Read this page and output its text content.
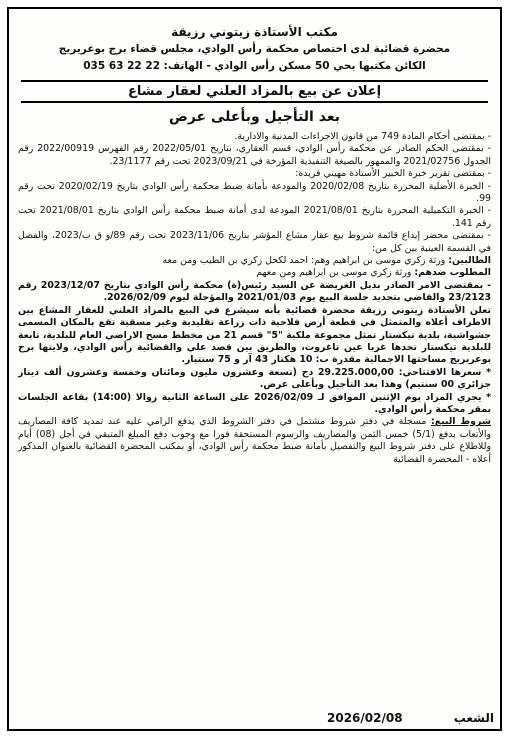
مكتب الأستاذة زيتوني رزيقة
محضرة قضائية لدى اختصاص محكمة رأس الوادي، مجلس قضاء برج بوعريريج
الكائن مكتبها بحي 50 مسكن رأس الوادي - الهاتف: 22 22 63 035
إعلان عن بيع بالمزاد العلني لعقار مشاع
بعد التأجيل وبأعلى عرض

- بمقتضى أحكام المادة 749 من قانون الاجراءات المدنية والادارية.

- بمقتضى الحكم الصادر عن محكمة رأس الوادي، قسم العقاري، بتاريخ 2022/05/01 رقم الفهرس 2022/00919 رقم الجدول 2021/02756 والممهور بالصيغة التنفيذية المؤرخة في 2023/09/21 تحت رقم 23/1177.

- بمقتضى تقرير خبرة الخبير الأستاذة مهيني فريدة:

- الخبرة الأصلية المحررة بتاريخ 2020/02/08 والمودعة بأمانة ضبط محكمة رأس الوادي بتاريخ 2020/02/19 تحت رقم 99.

- الخبرة التكميلية المحررة بتاريخ 2021/08/01 المودعة لدى أمانة ضبط محكمة رأس الوادي بتاريخ 2021/08/01 تحت رقم 141.

- بمقتضى محضر إيداع قائمة شروط بيع عقار مشاع المؤشر بتاريخ 2023/11/06 تحت رقم 89/و ق ب/2023، والفصل في القسمة العينية بين كل من:

الطالبين: ورثة زكري موسى بن ابراهيم وهم: احمد لكحل زكري بن الطيب ومن معه

المطلوب ضدهم: ورثة زكري موسى بن ابراهيم ومن معهم

- بمقتضى الامر الصادر بذيل العريضة عن السيد رئيس(ة) محكمة رأس الوادي بتاريخ 2023/12/07 رقم 23/2123 والقاضي بتحديد جلسة البيع يوم 2021/01/03 والمؤجلة ليوم 2026/02/09.

تعلن الأستاذة زيتوني رزيقة محضرة قضائية بأنه سيشرع في البيع بالمزاد العلني للعقار المشاع بين الاطراف أعلاه والمتمثل في قطعة أرض فلاحية ذات زراعة تقليدية وغير مسقية تقع بالمكان المسمى جشواشية، بلدية تيكستار تمثل مجموعة ملكية "5" قسم 21 من مخطط مسح الاراضي العام للبلدية، تابعة للبلدية تيكستار تحدها غربا عين تاغروت، والطريق بين قصد علي والقضائية رأس الوادي، ولايتها برج بوعريريج مساحتها الاجمالية مقدرة ب: 10 هكتار 43 آر و 75 سنتيار.

* سعرها الافتتاحي: 29.225.000,00 دج (تسعة وعشرون مليون ومائتان وخمسة وعشرون ألف دينار جزائري 00 سنتيم) وهذا بعد التأجيل وبأعلى عرض.

* يجري المزاد يوم الإثنين الموافق لـ 2026/02/09 على الساعة الثانية زوالا (14:00) بقاعة الجلسات بمقر محكمة رأس الوادي.

شروط البيع: مسجلة في دفتر شروط مشتمل في دفتر الشروط الذي يدفع الرامي عليه عند تمديد كافة المصاريف والأتعاب بدفع (5/1) خمس الثمن والمصاريف والرسوم المستحقة فورا مع وجوب دفع المبلغ المتبقي في أجل (08) أيام وللاطلاع على دفتر شروط البيع والتفصيل بأمانة ضبط محكمة رأس الوادي، أو بمكتب المحضرة القضائية بالعنوان المذكور أعلاه - المحضرة القضائية

2026/02/08	الشعب
